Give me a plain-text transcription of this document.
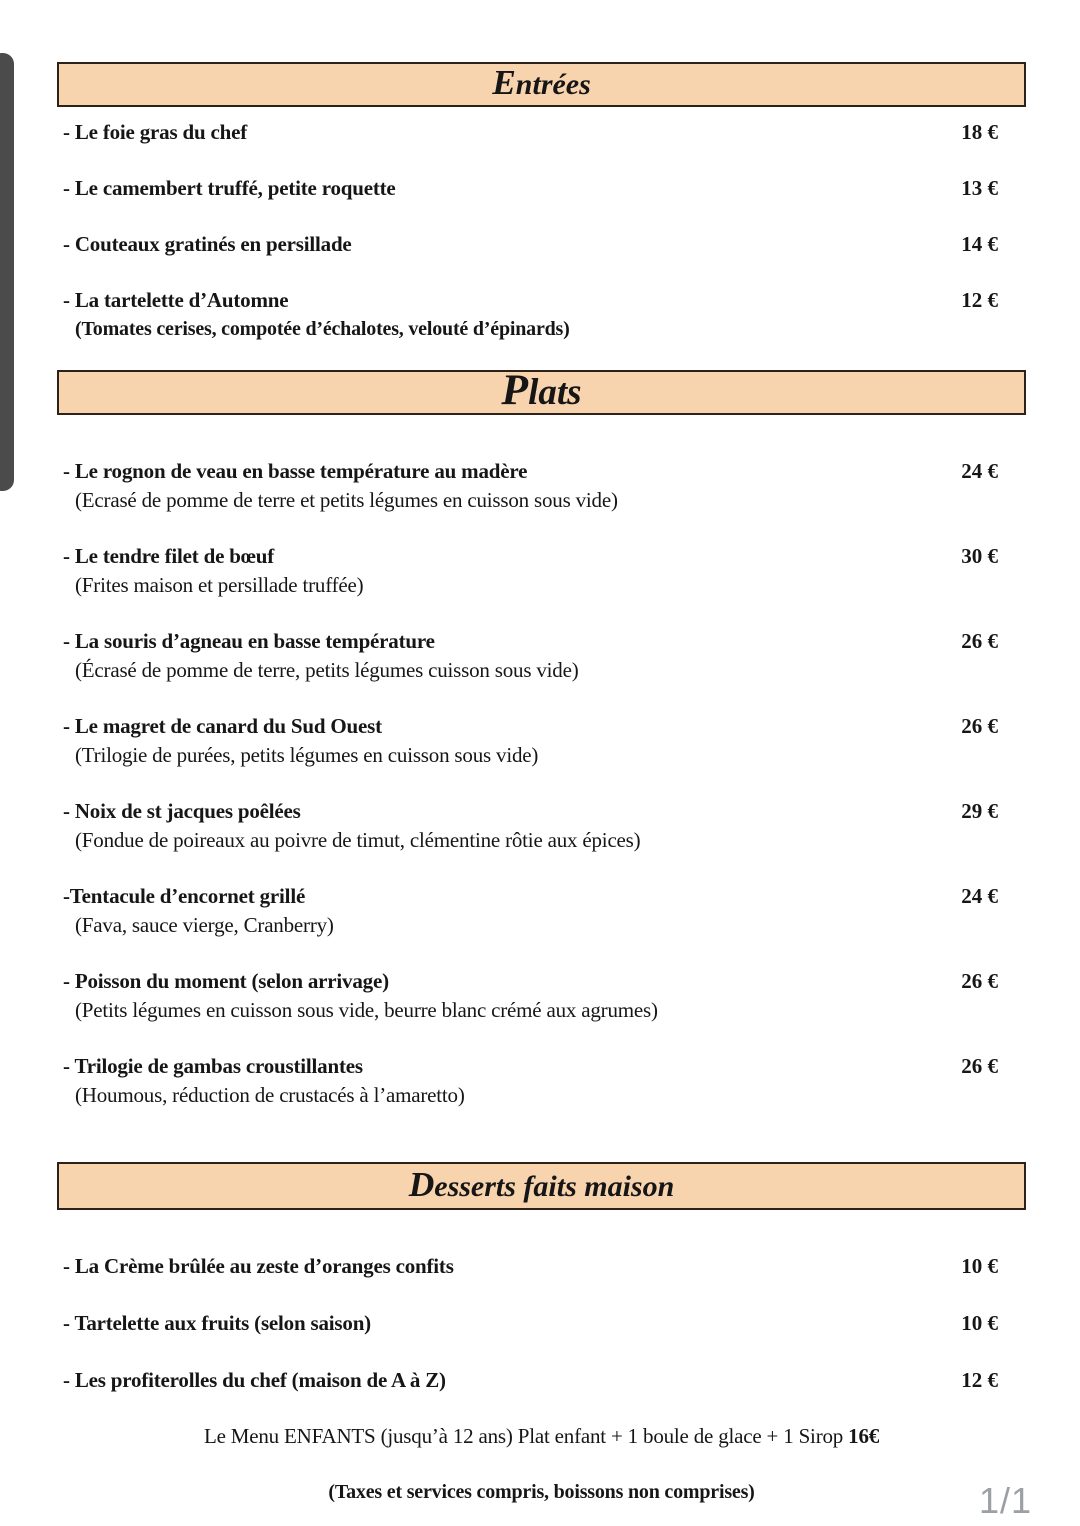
Entrées
- Le foie gras du chef	18 €
- Le camembert truffé, petite roquette	13 €
- Couteaux gratinés en persillade	14 €
- La tartelette d’Automne	12 €
(Tomates cerises, compotée d’échalotes, velouté d’épinards)
Plats
- Le rognon de veau en basse température au madère	24 €
(Ecrasé de pomme de terre et petits légumes en cuisson sous vide)
- Le tendre filet de bœuf	30 €
(Frites maison et persillade truffée)
- La souris d’agneau en basse température	26 €
(Écrasé de pomme de terre, petits légumes cuisson sous vide)
- Le magret de canard du Sud Ouest	26 €
(Trilogie de purées, petits légumes en cuisson sous vide)
- Noix de st jacques poêlées	29 €
(Fondue de poireaux au poivre de timut, clémentine rôtie aux épices)
-Tentacule d’encornet grillé	24 €
(Fava, sauce vierge, Cranberry)
- Poisson du moment (selon arrivage)	26 €
(Petits légumes en cuisson sous vide, beurre blanc crémé aux agrumes)
- Trilogie de gambas croustillantes	26 €
(Houmous, réduction de crustacés à l’amaretto)
Desserts faits maison
- La Crème brûlée au zeste d’oranges confits	10 €
- Tartelette aux fruits (selon saison)	10 €
- Les profiterolles du chef (maison de A à Z)	12 €
Le Menu ENFANTS (jusqu’à 12 ans) Plat enfant + 1 boule de glace + 1 Sirop 16€
(Taxes et services compris, boissons non comprises)	1/1
